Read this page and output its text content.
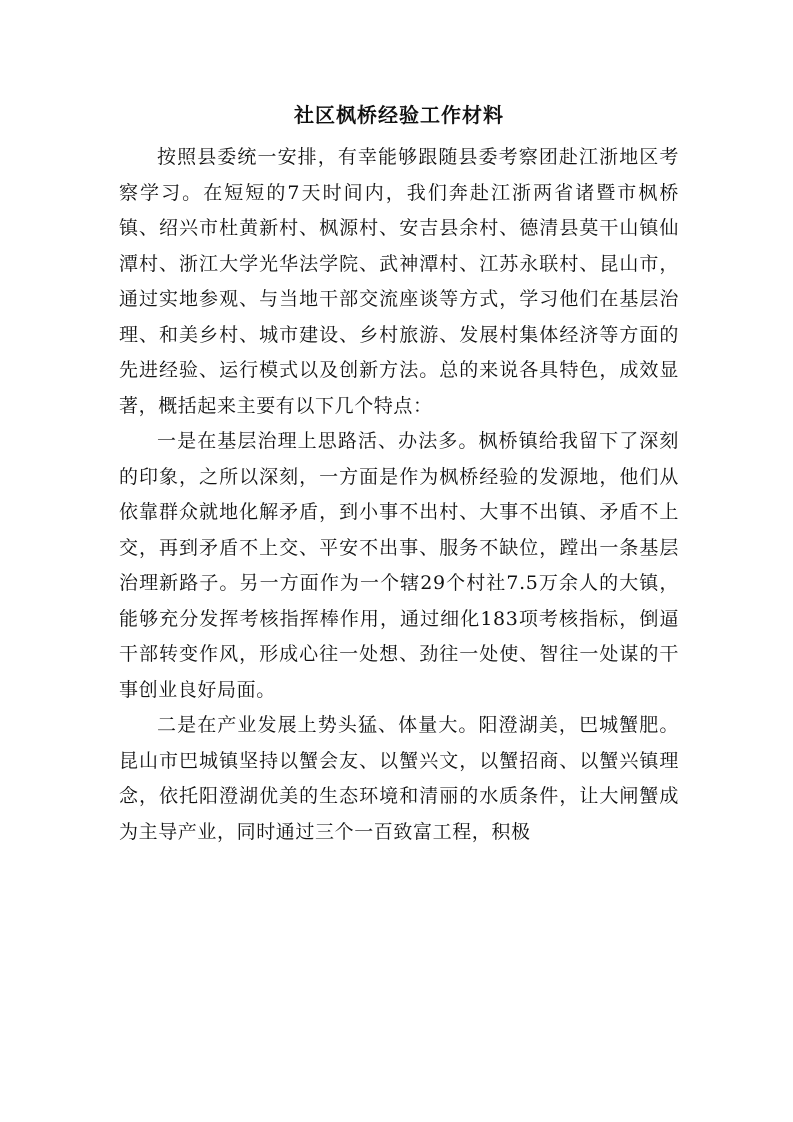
社区枫桥经验工作材料

按照县委统一安排，有幸能够跟随县委考察团赴江浙地区考察学习。在短短的7天时间内，我们奔赴江浙两省诸暨市枫桥镇、绍兴市杜黄新村、枫源村、安吉县余村、德清县莫干山镇仙潭村、浙江大学光华法学院、武神潭村、江苏永联村、昆山市，通过实地参观、与当地干部交流座谈等方式，学习他们在基层治理、和美乡村、城市建设、乡村旅游、发展村集体经济等方面的先进经验、运行模式以及创新方法。总的来说各具特色，成效显著，概括起来主要有以下几个特点：

一是在基层治理上思路活、办法多。枫桥镇给我留下了深刻的印象，之所以深刻，一方面是作为枫桥经验的发源地，他们从依靠群众就地化解矛盾，到小事不出村、大事不出镇、矛盾不上交，再到矛盾不上交、平安不出事、服务不缺位，蹚出一条基层治理新路子。另一方面作为一个辖29个村社7.5万余人的大镇，能够充分发挥考核指挥棒作用，通过细化183项考核指标，倒逼干部转变作风，形成心往一处想、劲往一处使、智往一处谋的干事创业良好局面。

二是在产业发展上势头猛、体量大。阳澄湖美，巴城蟹肥。昆山市巴城镇坚持以蟹会友、以蟹兴文，以蟹招商、以蟹兴镇理念，依托阳澄湖优美的生态环境和清丽的水质条件，让大闸蟹成为主导产业，同时通过三个一百致富工程，积极
